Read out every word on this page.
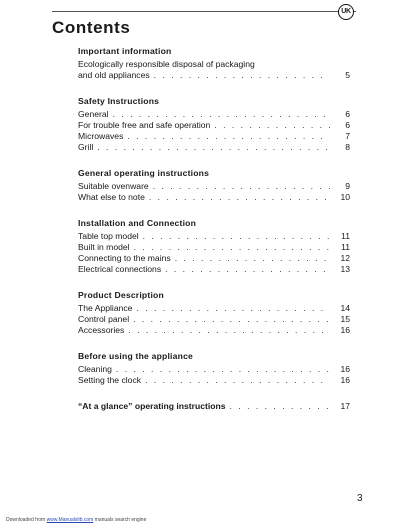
UK
Contents
Important information
Ecologically responsible disposal of packaging
and old appliances . . .	5
Safety Instructions
General . . .	6
For trouble free and safe operation . . .	6
Microwaves . . .	7
Grill . . .	8
General operating instructions
Suitable ovenware . . .	9
What else to note . . .	10
Installation and Connection
Table top model . . .	11
Built in model . . .	11
Connecting to the mains . . .	12
Electrical connections . . .	13
Product Description
The Appliance . . .	14
Control panel . . .	15
Accessories . . .	16
Before using the appliance
Cleaning . . .	16
Setting the clock . . .	16
“At a glance” operating instructions . . .	17
3
Downloaded from www.Manualslib.com manuals search engine
